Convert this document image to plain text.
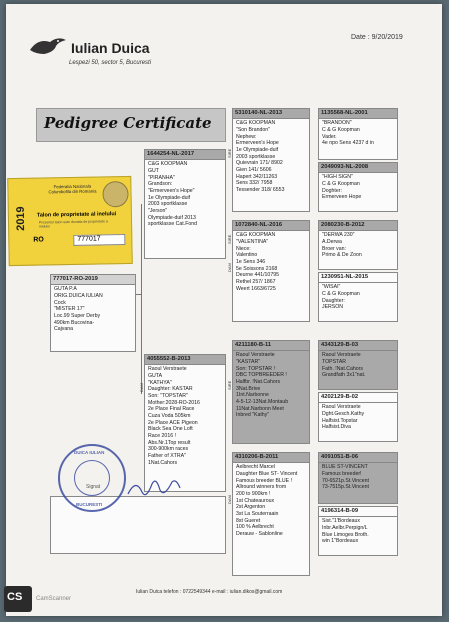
Date : 9/20/2019
Iulian Duica
Lespezi 50, sector 5, Bucuresti
Pedigree Certificate
Federatia Nationala Columbofila din Romania
2019 Talon de proprietate al inelului
Prezentul talon este dovada de proprietate a inelului
RO	777017
777017-RO-2019
GUTA P.A
ORIG.DUICA IULIAN
Cock
"MISTER 17"
Loc.99 Super Derby
490km Bucovina-
Cajvana
1644254-NL-2017
C&G KOOPMAN
GUT
"PIRANHA"
Grandson:
"Ermerveen's Hope"
1e Olympiade-duif
2003 sportklasse
"Jerson"
Olympiade-duif 2013
sportklasse Cat.Fond
SIRE
4055552-B-2013
Raoul Verstraete
GUTA
"KATHYA"
Daughter: KASTAR
Son: "TOPSTAR"
Mother:2028-RO-2016
2e Place Final Race
Cuza Voda 505km
2e Place ACE Pigeon
Black Sea One Loft
Race 2016 !
Abs.Nr.1Top result
300-900km races
Father of XTRA"
1Nat.Cahors
DAM
5310140-NL-2013
C&G KOOPMAN
"Son Brandon"
Nephew:
Ermerveen's Hope
1e Olympiade-duif
2003 sportklasse
Quievrain 171/ 8902
Gien 141/ 5606
Hapert 342/11263
Sens 332/ 7958
Tessender 318/ 6553
SIRE
1072840-NL-2016
C&G KOOPMAN
"VALENTINA"
Niece:
Valentino
1e Sens 346
5e Soissons 2168
Deurne 441/10795
Rethel 257/ 1867
Weert 1663/6725
DAM
4211180-B-11
Raoul Verstraete
"KASTAR"
Son: TOPSTAR !
DBC TOPBREEDER !
Halfbr. !Nat.Cahors
3Nat.Brive
1Int.Narbonne
4-5-12-13Nat.Montaub
11Nat.Narbonn Meet
Inbred "Kathy"
SIRE
4310206-B-2011
Aelbrecht Marcel
Daughter Blue ST- Vincent
Famous breeder BLUE !
Allround winners from
200 to 900km !
1st Chateauroux
2st Argenton
3st La Souterraain
8st Gueret
100 % Aelbrecht
Derauw - Sablonline
DAM
1135568-NL-2001
"BRANDON"
C & G Koopman
Vader.
4e npo Sens 4237 d in
2049093-NL-2008
"HIGH SIGN"
C & G Koopman
Doghter:
Ermerveen Hope
2080230-B-2012
"DERWA 230"
A.Derwa
Broer van:
Primo & De Zoon
1230951-NL-2015
"WISAI"
C & G Koopman
Daughter:
JERSON
4343129-B-03
Raoul Verstraete
TOPSTAR
Fath. !Nat.Cahors
Grandfath 3x1"nat.
4202129-B-02
Raoul Verstraete
Dght.Gesch.Kathy
Halfsist.Topstar
Halfsist.Diva
4091051-B-06
BLUE ST-VINCENT
Famous breeder!
70-6521p.St.Vincent
73-7515p.St.Vincent
4196314-B-09
Sist."1'Bordeaux
Inbr.Aelbr.Perpign/L
Blue Limoges Broth.
win 1"Bordeaux
DUICA IULIAN
BUCURESTI
Signat
Iulian Duica telefon : 0722549344 e-mail : iulian.dikos@gmail.com
CS	CamScanner
